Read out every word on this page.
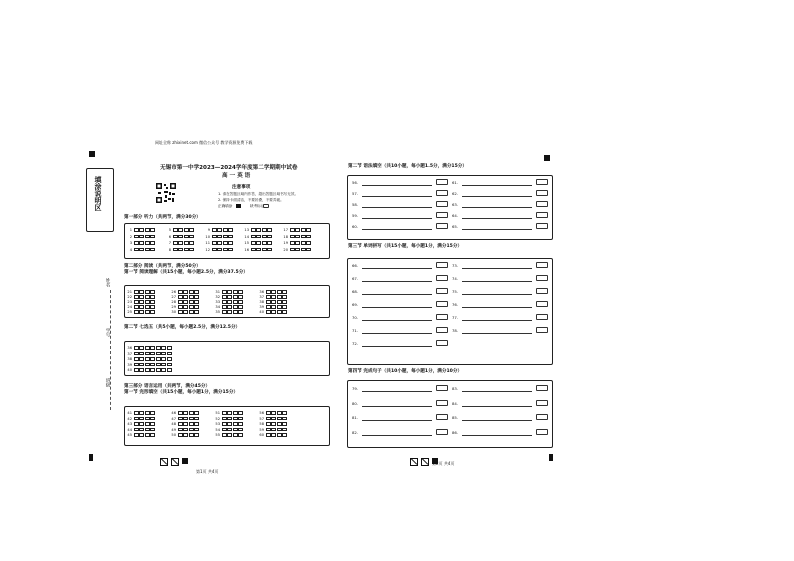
填涂说明区
姓名
学号
班级
网址全称 zhixinet.com 微信公众号 教学资源免费下载
无锡市第一中学2023—2024学年度第二学期期中试卷
高 一 英 语
注意事项
1. 请在答题区域内作答，超出答题区域书写无效。
2. 保持卡面清洁，不要折叠，不要弄破。
正确填涂	缺考标记
第一部分 听力（共两节，满分30分）
1
2
3
4
5
6
7
8
9
10
11
12
13
14
15
16
17
18
19
20
第二部分 阅读（共两节，满分50分）
第一节 阅读理解（共15小题，每小题2.5分，满分37.5分）
21
22
23
24
25
26
27
28
29
30
31
32
33
34
35
36
37
38
39
40
第二节 七选五（共5小题，每小题2.5分，满分12.5分）
36
37
38
39
40
第三部分 语言运用（共两节，满分45分）
第一节 完形填空（共15小题，每小题1分，满分15分）
41
42
43
44
45
46
47
48
49
50
51
52
53
54
55
56
57
58
59
60
第1页 共4页
第二节 语法填空（共10小题，每小题1.5分，满分15分）
56.
57.
58.
59.
60.
61.
62.
63.
64.
65.
第三节 单词拼写（共15小题，每小题1分，满分15分）
66.
67.
68.
69.
70.
71.
72.
73.
74.
75.
76.
77.
78.
第四节 完成句子（共10小题，每小题1分，满分10分）
79.
80.
81.
82.
83.
84.
85.
86.
第2页 共4页
